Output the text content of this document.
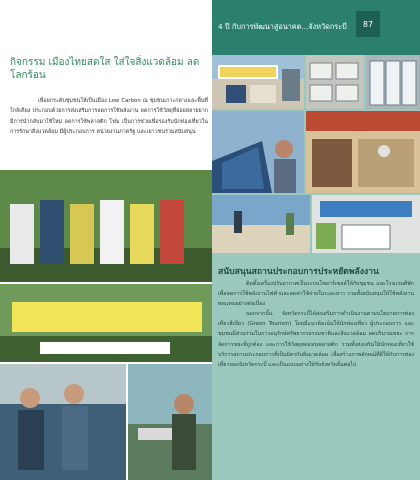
4 ปี กับการพัฒนาสู่อนาคต...จังหวัดกระบี่	87
กิจกรรม เมืองไทยสดใส ใส่ใจสิ่งแวดล้อม ลดโลกร้อน
เพื่อยกระดับชุมชนให้เป็นเมือง Low Carbon ณ ชุมชนเกาะกลางและพื้นที่ใกล้เคียง ประกอบด้วยการส่งเสริมการลดการใช้พลังงาน ลดการใช้วัสดุที่ย่อยสลายยาก มีการนำกลับมาใช้ใหม่ ลดการใช้พลาสติก โฟม เป็นการช่วยเพื่อรองรับนักท่องเที่ยวในการรักษาสิ่งแวดล้อม มีผู้ประกอบการ หน่วยงานภาครัฐ และเยาวชนร่วมสนับสนุน
สนับสนุนสถานประกอบการประหยัดพลังงาน
ติดตั้งเครื่องปรับอากาศเป็นระบบโซลาร์เซลล์ให้กับชุมชน และโรงแรมที่พักเพื่อลดการใช้พลังงานไฟฟ้าและลดค่าใช้จ่ายในระยะยาว รวมทั้งสนับสนุนให้ใช้พลังงานทดแทนอย่างต่อเนื่อง
นอกจากนั้น จังหวัดกระบี่ได้ส่งเสริมการดำเนินงานตามนโยบายการท่องเที่ยวสีเขียว (Green Tourism) โดยมีแนวคิดเน้นให้นักท่องเที่ยว ผู้ประกอบการ และชุมชนมีส่วนร่วมในการอนุรักษ์ทรัพยากรธรรมชาติและสิ่งแวดล้อม ลดปริมาณขยะ การจัดการขยะที่ถูกต้อง และการใช้วัสดุทดแทนพลาสติก รวมทั้งส่งเสริมให้นักท่องเที่ยวใช้บริการสถานประกอบการที่เป็นมิตรกับสิ่งแวดล้อม เพื่อสร้างภาพลักษณ์ที่ดีให้กับการท่องเที่ยวของจังหวัดกระบี่ และเป็นแบบอย่างให้กับจังหวัดอื่นต่อไป
